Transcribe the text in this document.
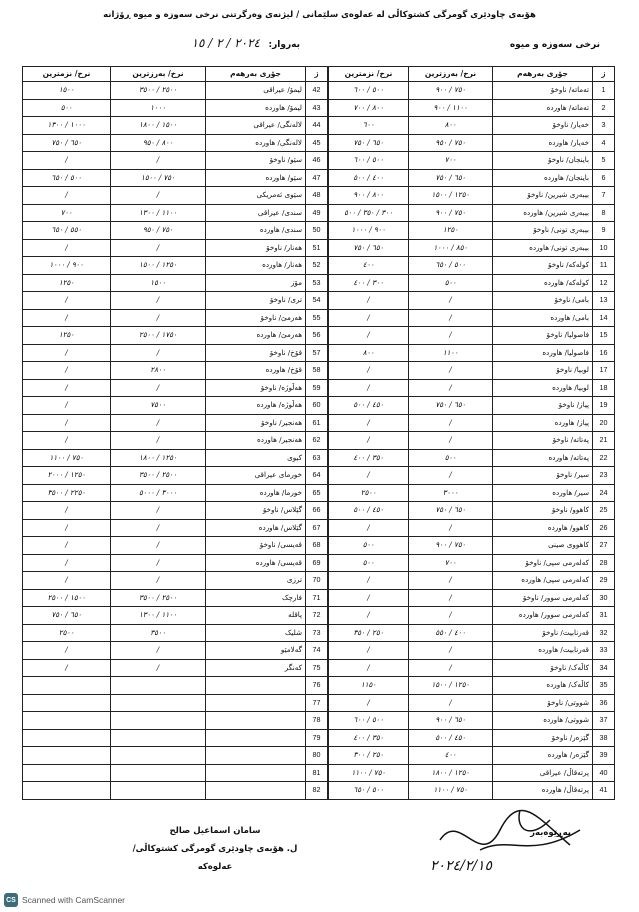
هۆبەی چاودێری گومرگی کشتوکاڵی لە عەلوەی سلێمانی / لیژنەی وەرگرتنی نرخی سەوزە و میوە ڕۆژانە
نرخی سەوزە و میوە
بەروار:
٢٠٢٤ / ٢ / ١٥
ز	جۆری بەرهەم	نرخ/ بەرزترین	نرخ/ نزمترین
1	تەماتە/ ناوخۆ	٧٥٠ / ٩٠٠	٥٠٠ / ٦٠٠
2	تەماتە/ هاوردە	١١٠٠ / ٩٠٠	٨٠٠ / ٧٠٠
3	خەیار/ ناوخۆ	٨٠٠	٦٠٠
4	خەیار/ هاوردە	٧٥٠ / ٩٥٠	٦٥٠ / ٧٥٠
5	باینجان/ ناوخۆ	٧٠٠	٥٠٠ / ٦٠٠
6	باینجان/ هاوردە	٦٥٠ / ٧٥٠	٤٠٠ / ٥٠٠
7	بیبەری شیرین/ ناوخۆ	١٢٥٠ / ١٥٠٠	٨٠٠ / ٩٠٠
8	بیبەری شیرین/ هاوردە	٧٥٠ / ٩٠٠	٣٠٠ / ٣٥٠ / ٥٠٠
9	بیبەری تونی/ ناوخۆ	١٢٥٠	٩٠٠ / ١٠٠٠
10	بیبەری تونی/ هاوردە	٨٥٠ / ١٠٠٠	٦٥٠ / ٧٥٠
11	کولەکە/ ناوخۆ	٥٠٠ / ٦٥٠	٤٠٠
12	کولەکە/ هاوردە	٥٠٠	٣٠٠ / ٤٠٠
13	بامی/ ناوخۆ	/	/
14	بامی/ هاوردە	/	/
15	فاصولیا/ ناوخۆ	/	/
16	فاصولیا/ هاوردە	١١٠٠	٨٠٠
17	لوبیا/ ناوخۆ	/	/
18	لوبیا/ هاوردە	/	/
19	پیاز/ ناوخۆ	٦٥٠ / ٧٥٠	٤٥٠ / ٥٠٠
20	پیاز/ هاوردە	/	/
21	پەتاتە/ ناوخۆ	/	/
22	پەتاتە/ هاوردە	٥٠٠	٣٥٠ / ٤٠٠
23	سیر/ ناوخۆ	/	/
24	سیر/ هاوردە	٣٠٠٠	٢٥٠٠
25	کاهوو/ ناوخۆ	٦٥٠ / ٧٥٠	٤٥٠ / ٥٠٠
26	کاهوو/ هاوردە	/	/
27	کاهووی صینی	٧٥٠ / ٩٠٠	٥٠٠
28	کەلەرمی سپی/ ناوخۆ	٧٠٠	٥٠٠
29	کەلەرمی سپی/ هاوردە	/	/
30	کەلەرمی سوور/ ناوخۆ	/	/
31	کەلەرمی سوور/ هاوردە	/	/
32	قەرنابیت/ ناوخۆ	٤٠٠ / ٥٥٠	٢٥٠ / ٣٥٠
33	قەرنابیت/ هاوردە	/	/
34	کاڵەک/ ناوخۆ	/	/
35	کاڵەک/ هاوردە	١٢٥٠ / ١٥٠٠	١١٥٠
36	شووتی/ ناوخۆ	/	/
37	شووتی/ هاوردە	٦٥٠ / ٩٠٠	٥٠٠ / ٦٠٠
38	گێزەر/ ناوخۆ	٤٥٠ / ٥٠٠	٣٥٠ / ٤٠٠
39	گێزەر/ هاوردە	٤٠٠	٢٥٠ / ٣٠٠
40	پرتەقاڵ/ عیراقی	١٢٥٠ / ١٨٠٠	٧٥٠ / ١١٠٠
41	پرتەقاڵ/ هاوردە	٧٥٠ / ١١٠٠	٥٠٠ / ٦٥٠
ز	جۆری بەرهەم	نرخ/ بەرزترین	نرخ/ نزمترین
42	لیمۆ/ عیراقی	٢٥٠٠ / ٣٥٠٠	١٥٠٠
43	لیمۆ/ هاوردە	١٠٠٠	٥٠٠
44	لالەنگی/ عیراقی	١٥٠٠ / ١٨٠٠	١٠٠٠ / ١٣٠٠
45	لالەنگی/ هاوردە	٨٠٠ / ٩٥٠	٦٥٠ / ٧٥٠
46	سێو/ ناوخۆ	/	/
47	سێو/ هاوردە	٧٥٠ / ١٥٠٠	٥٠٠ / ٦٥٠
48	سێوی ئەمریکی	/	/
49	سندی/ عیراقی	١١٠٠ / ١٣٠٠	٧٠٠
50	سندی/ هاوردە	٧٥٠ / ٩٥٠	٥٥٠ / ٦٥٠
51	هەنار/ ناوخۆ	/	/
52	هەنار/ هاوردە	١٢٥٠ / ١٥٠٠	٩٠٠ / ١٠٠٠
53	مۆز	١٥٠٠	١٢٥٠
54	تری/ ناوخۆ	/	/
55	هەرمێ/ ناوخۆ	/	/
56	هەرمێ/ هاوردە	١٧٥٠ / ٢٥٠٠	١٢٥٠
57	قۆخ/ ناوخۆ	/	/
58	قۆخ/ هاوردە	٢٨٠٠	/
59	هەڵوژە/ ناوخۆ	/	/
60	هەڵوژە/ هاوردە	٧٥٠٠	/
61	هەنجیر/ ناوخۆ	/	/
62	هەنجیر/ هاوردە	/	/
63	کیوی	١٢٥٠ / ١٨٠٠	٧٥٠ / ١١٠٠
64	خورمای عیراقی	٢٥٠٠ / ٣٥٠٠	١٢٥٠ / ٢٠٠٠
65	خورما/ هاوردە	٣٠٠٠ / ٥٠٠٠	٢٢٥٠ / ٣٥٠٠
66	گێلاس/ ناوخۆ	/	/
67	گێلاس/ هاوردە	/	/
68	قەیسی/ ناوخۆ	/	/
69	قەیسی/ هاوردە	/	/
70	ترزی	/	/
71	فارچک	٢٥٠٠ / ٣٥٠٠	١٥٠٠ / ٢٥٠٠
72	پاقلە	١١٠٠ / ١٣٠٠	٦٥٠ / ٧٥٠
73	شلیک	٣٥٠٠	٢٥٠٠
74	گەلامێو	/	/
75	کەنگر	/	/
76			
77			
78			
79			
80			
81			
82			
بەڕێوەبەر
٢٠٢٤/٢/١٥
سامان اسماعیل صالح
ل. هۆبەی چاودێری گومرگی کشتوکاڵی/عەلوەکە
CS Scanned with CamScanner
